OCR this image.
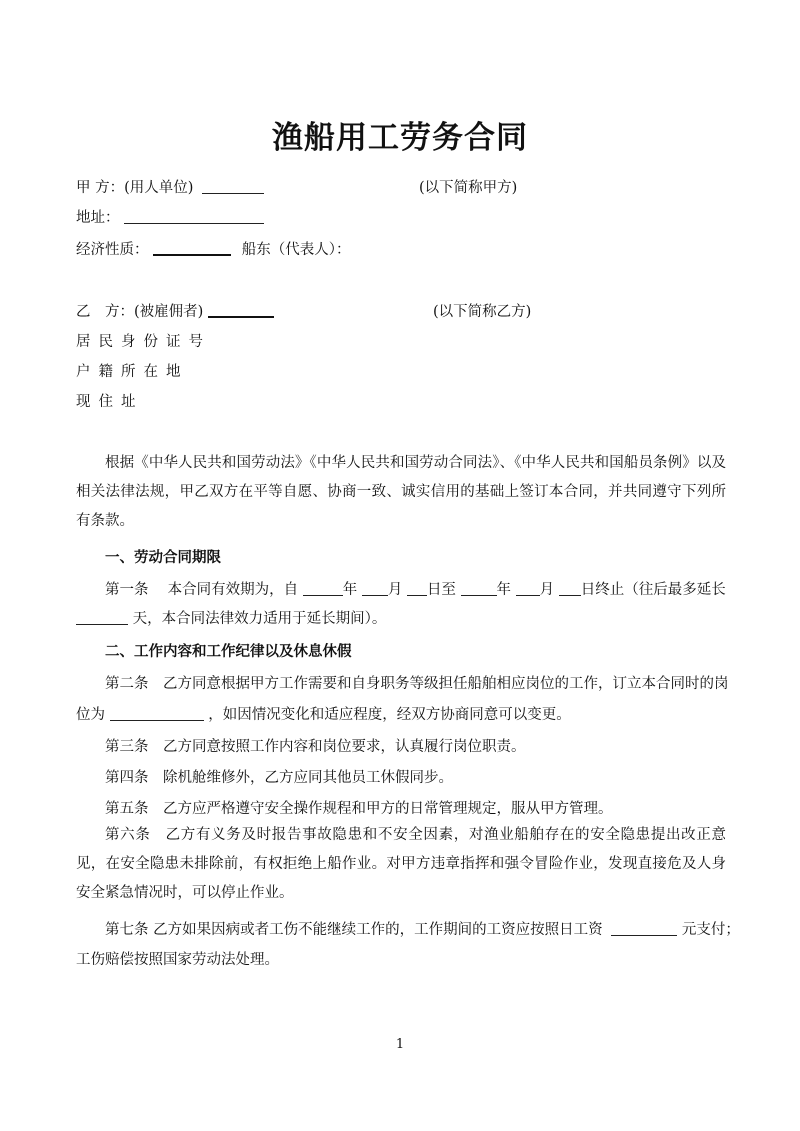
渔船用工劳务合同
甲 方：(用人单位)	(以下简称甲方)
地址：
经济性质：	船东（代表人）：
乙　方：(被雇佣者)	(以下简称乙方)
居民身份证号
户籍所在地
现住址
根据《中华人民共和国劳动法》《中华人民共和国劳动合同法》、《中华人民共和国船员条例》以及相关法律法规，甲乙双方在平等自愿、协商一致、诚实信用的基础上签订本合同，并共同遵守下列所有条款。
一、劳动合同期限
第一条　 本合同有效期为，自	年 月 日至	年 月 日终止（往后最多延长
天，本合同法律效力适用于延长期间）。
二、工作内容和工作纪律以及休息休假
第二条　乙方同意根据甲方工作需要和自身职务等级担任船舶相应岗位的工作，订立本合同时的岗
位为	，如因情况变化和适应程度，经双方协商同意可以变更。
第三条　乙方同意按照工作内容和岗位要求，认真履行岗位职责。
第四条　除机舱维修外，乙方应同其他员工休假同步。
第五条　乙方应严格遵守安全操作规程和甲方的日常管理规定，服从甲方管理。
第六条　乙方有义务及时报告事故隐患和不安全因素，对渔业船舶存在的安全隐患提出改正意见，在安全隐患未排除前，有权拒绝上船作业。对甲方违章指挥和强令冒险作业，发现直接危及人身安全紧急情况时，可以停止作业。
第七条 乙方如果因病或者工伤不能继续工作的，工作期间的工资应按照日工资	元支付；
工伤赔偿按照国家劳动法处理。
1
